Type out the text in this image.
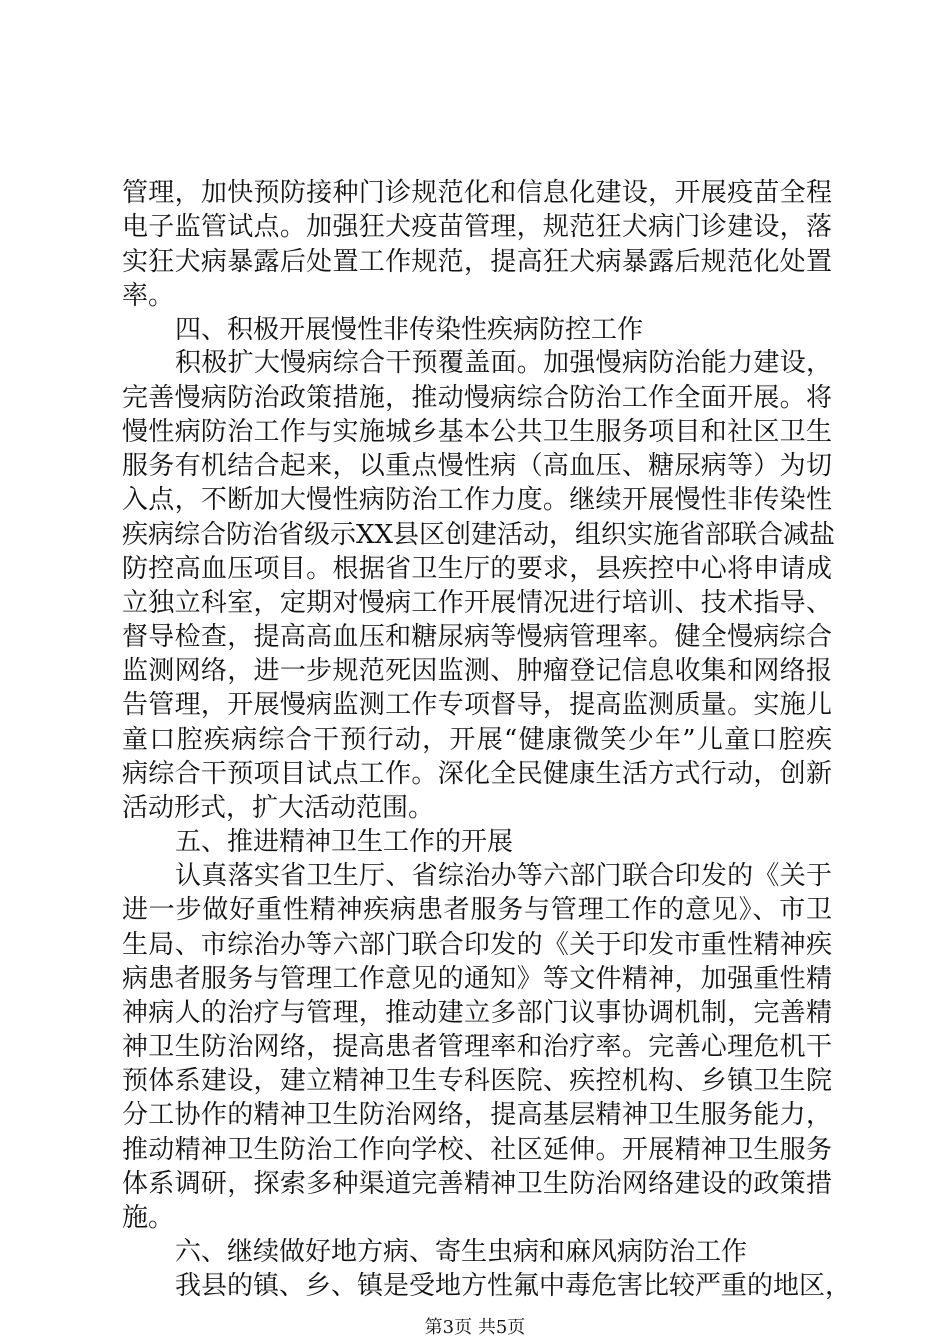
管理，加快预防接种门诊规范化和信息化建设，开展疫苗全程
电子监管试点。加强狂犬疫苗管理，规范狂犬病门诊建设，落
实狂犬病暴露后处置工作规范，提高狂犬病暴露后规范化处置
率。
四、积极开展慢性非传染性疾病防控工作
积极扩大慢病综合干预覆盖面。加强慢病防治能力建设，
完善慢病防治政策措施，推动慢病综合防治工作全面开展。将
慢性病防治工作与实施城乡基本公共卫生服务项目和社区卫生
服务有机结合起来，以重点慢性病（高血压、糖尿病等）为切
入点，不断加大慢性病防治工作力度。继续开展慢性非传染性
疾病综合防治省级示XX县区创建活动，组织实施省部联合减盐
防控高血压项目。根据省卫生厅的要求，县疾控中心将申请成
立独立科室，定期对慢病工作开展情况进行培训、技术指导、
督导检查，提高高血压和糖尿病等慢病管理率。健全慢病综合
监测网络，进一步规范死因监测、肿瘤登记信息收集和网络报
告管理，开展慢病监测工作专项督导，提高监测质量。实施儿
童口腔疾病综合干预行动，开展“健康微笑少年”儿童口腔疾
病综合干预项目试点工作。深化全民健康生活方式行动，创新
活动形式，扩大活动范围。
五、推进精神卫生工作的开展
认真落实省卫生厅、省综治办等六部门联合印发的《关于
进一步做好重性精神疾病患者服务与管理工作的意见》、市卫
生局、市综治办等六部门联合印发的《关于印发市重性精神疾
病患者服务与管理工作意见的通知》等文件精神，加强重性精
神病人的治疗与管理，推动建立多部门议事协调机制，完善精
神卫生防治网络，提高患者管理率和治疗率。完善心理危机干
预体系建设，建立精神卫生专科医院、疾控机构、乡镇卫生院
分工协作的精神卫生防治网络，提高基层精神卫生服务能力，
推动精神卫生防治工作向学校、社区延伸。开展精神卫生服务
体系调研，探索多种渠道完善精神卫生防治网络建设的政策措
施。
六、继续做好地方病、寄生虫病和麻风病防治工作
我县的镇、乡、镇是受地方性氟中毒危害比较严重的地区，
第3页 共5页
